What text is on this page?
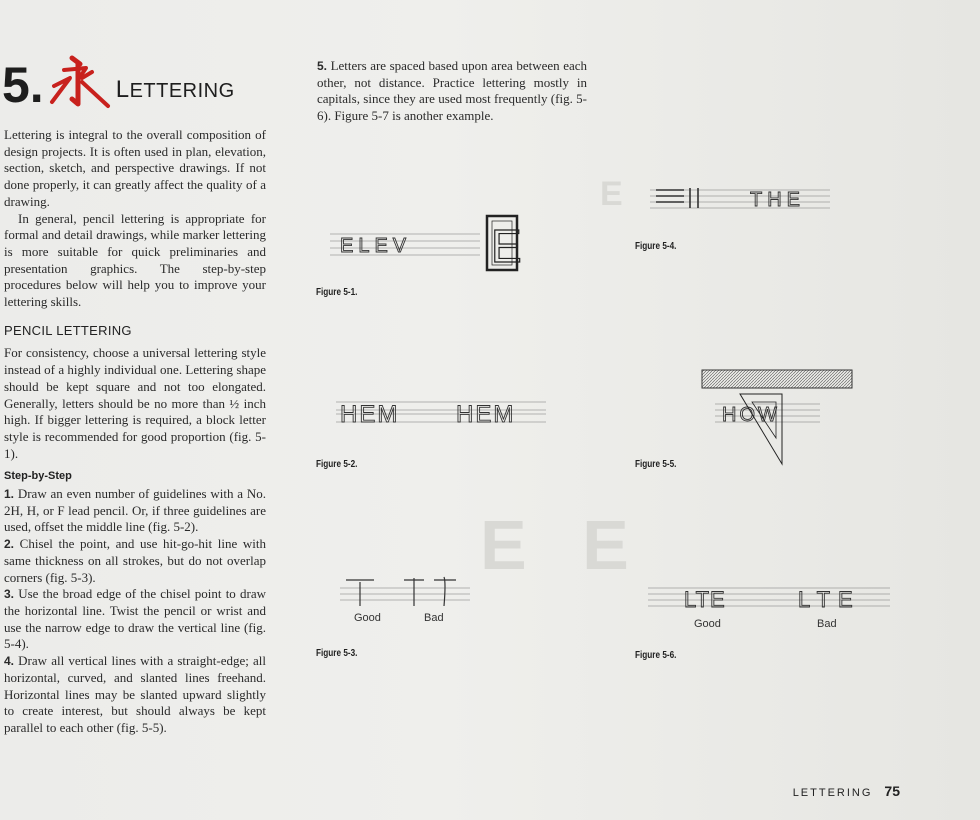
E
E E
5.	LETTERING

Lettering is integral to the overall composition of design projects. It is often used in plan, elevation, section, sketch, and perspective drawings. If not done properly, it can greatly affect the quality of a drawing.

In general, pencil lettering is appropriate for formal and detail drawings, while marker lettering is more suitable for quick preliminaries and presentation graphics. The step-by-step procedures below will help you to improve your lettering skills.

PENCIL LETTERING

For consistency, choose a universal lettering style instead of a highly individual one. Lettering shape should be kept square and not too elongated. Generally, letters should be no more than ½ inch high. If bigger lettering is required, a block letter style is recommended for good proportion (fig. 5-1).

Step-by-Step

1. Draw an even number of guidelines with a No. 2H, H, or F lead pencil. Or, if three guidelines are used, offset the middle line (fig. 5-2).

2. Chisel the point, and use hit-go-hit line with same thickness on all strokes, but do not overlap corners (fig. 5-3).

3. Use the broad edge of the chisel point to draw the horizontal line. Twist the pencil or wrist and use the narrow edge to draw the vertical line (fig. 5-4).

4. Draw all vertical lines with a straight-edge; all horizontal, curved, and slanted lines freehand. Horizontal lines may be slanted upward slightly to create interest, but should always be kept parallel to each other (fig. 5-5).

5. Letters are spaced based upon area between each other, not distance. Practice lettering mostly in capitals, since they are used most frequently (fig. 5-6). Figure 5-7 is another example.
ELEV E
Figure 5-1.
THE
Figure 5-4.
HEM HEM
Figure 5-2.
HOW
Figure 5-5.
Good	Bad
Figure 5-3.
LTE	LTE
Good	Bad
Figure 5-6.
LETTERING 75
